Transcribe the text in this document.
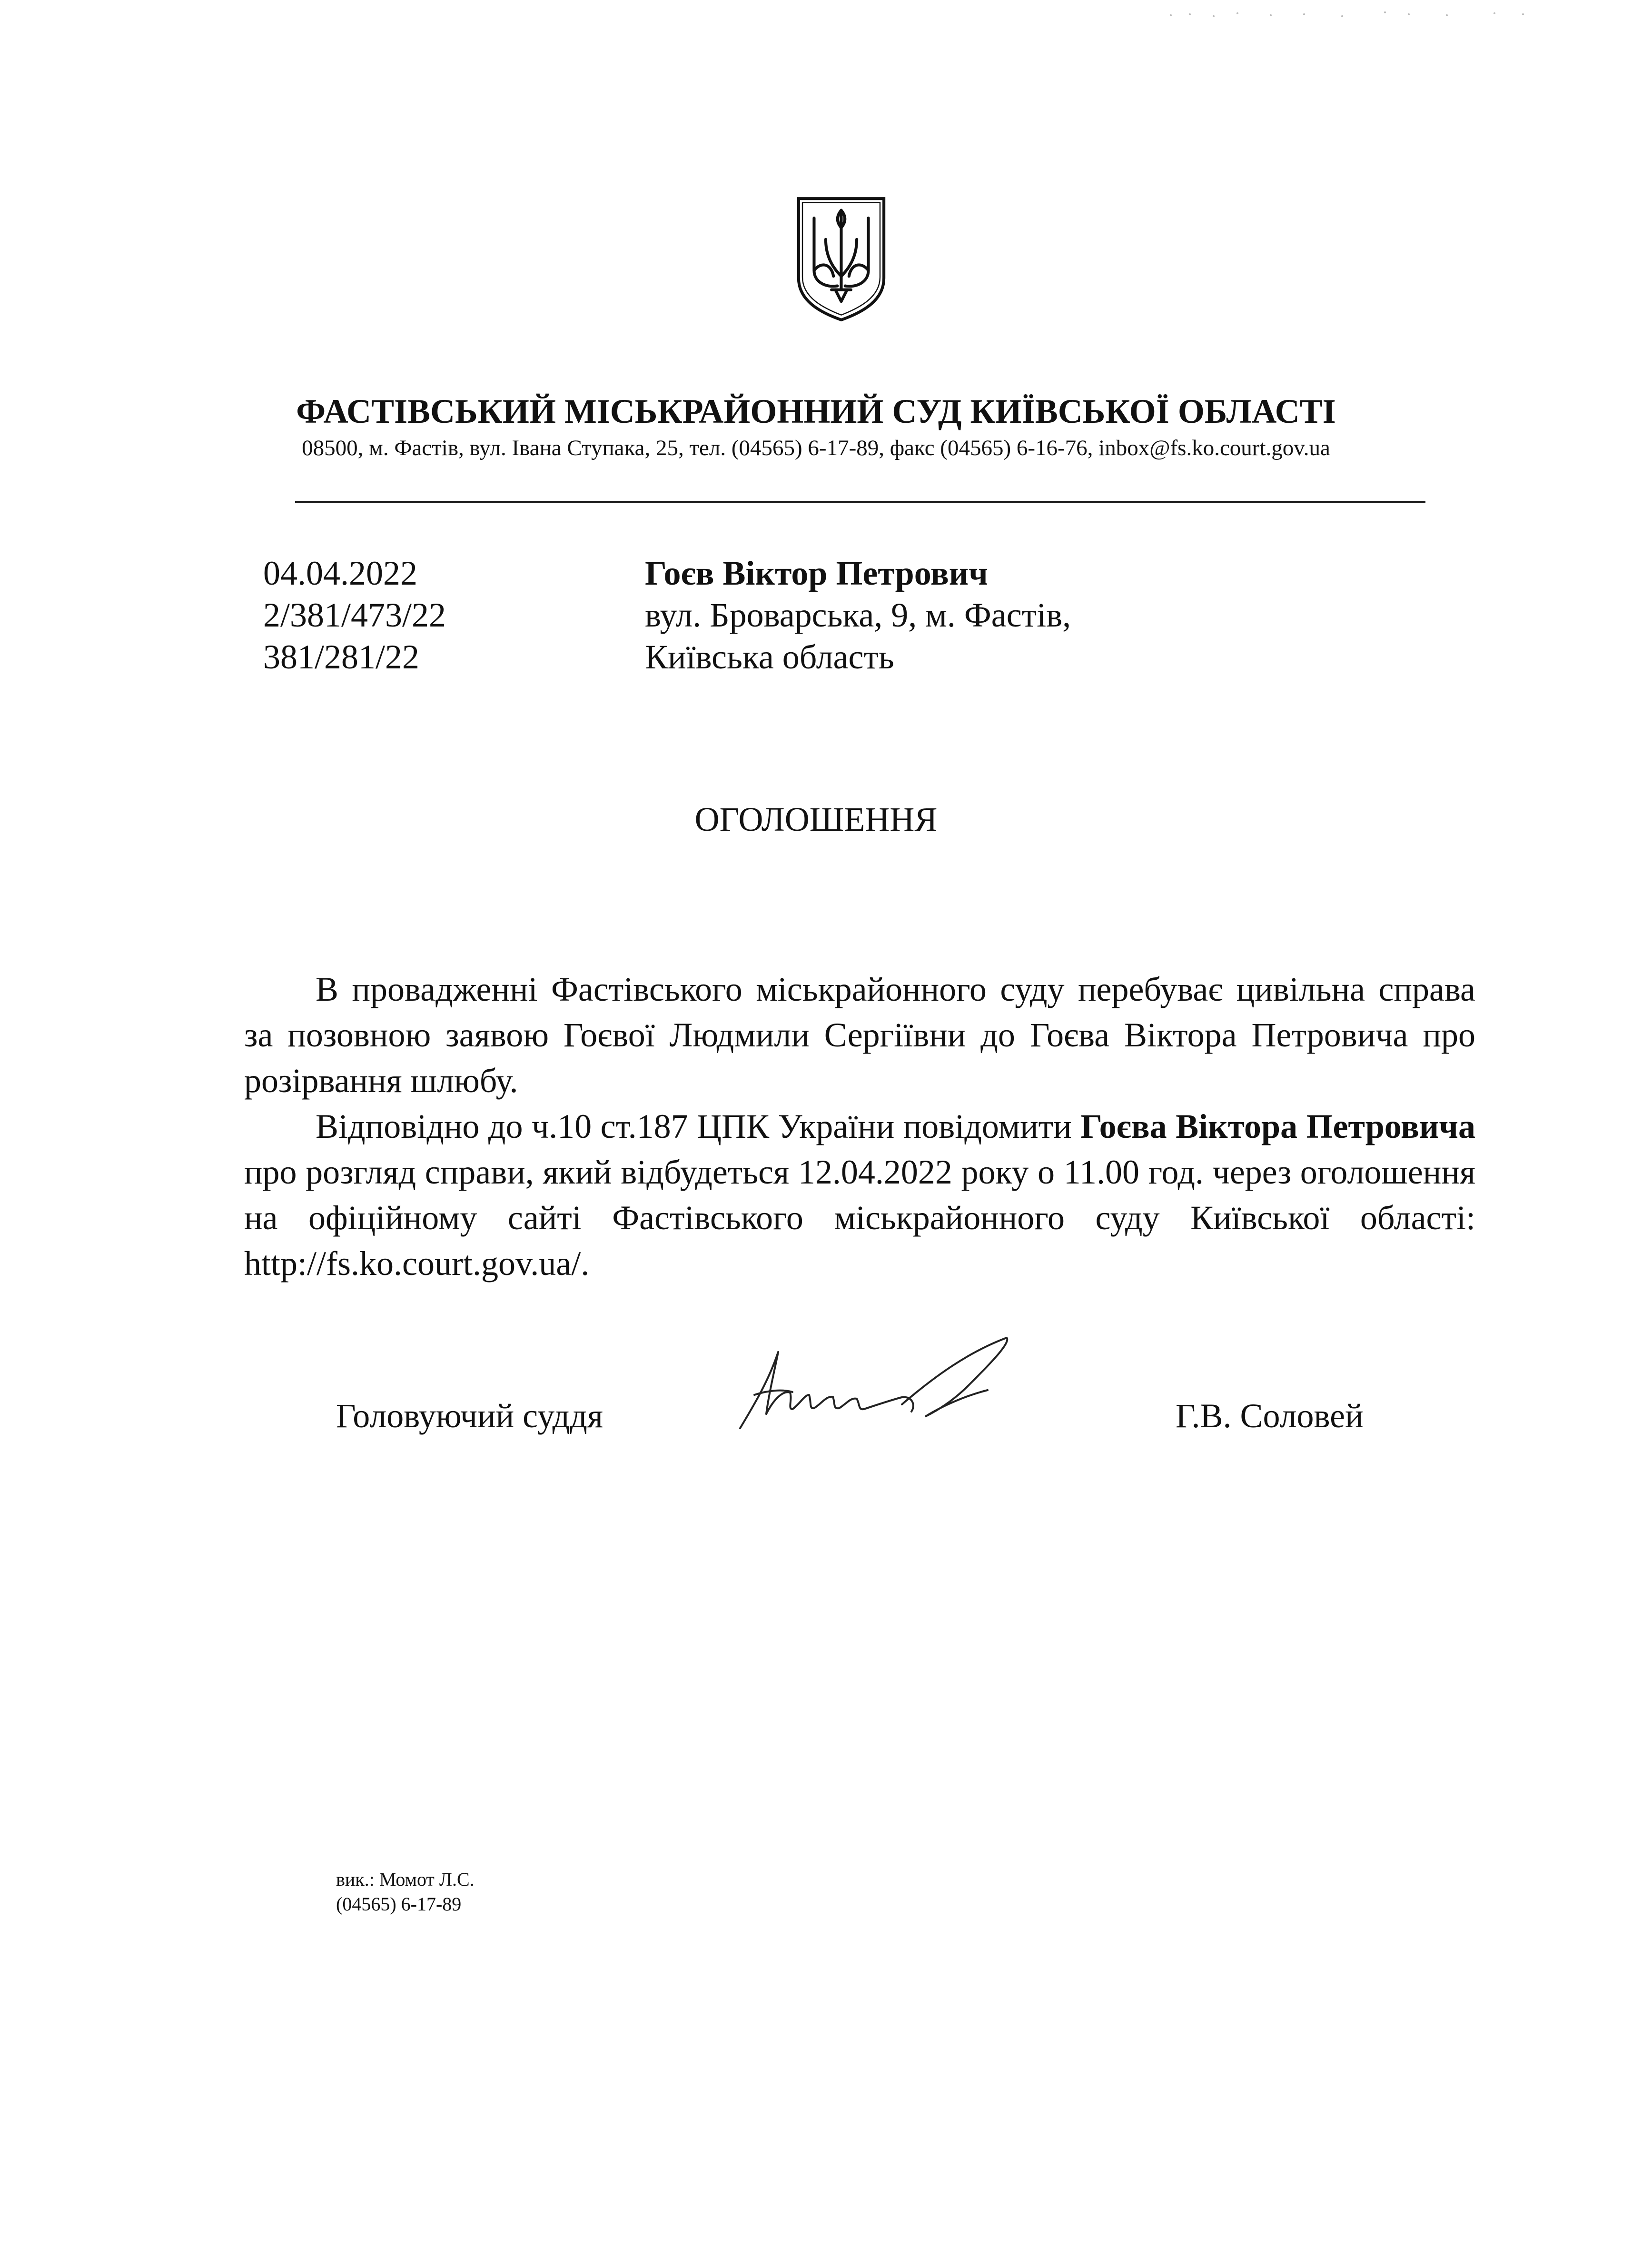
ФАСТІВСЬКИЙ МІСЬКРАЙОННИЙ СУД КИЇВСЬКОЇ ОБЛАСТІ
08500, м. Фастів, вул. Івана Ступака, 25, тел. (04565) 6-17-89, факс (04565) 6-16-76, inbox@fs.ko.court.gov.ua
04.04.2022
2/381/473/22
381/281/22
Гоєв Віктор Петрович
вул. Броварська, 9, м. Фастів,
Київська область
ОГОЛОШЕННЯ

В провадженні Фастівського міськрайонного суду перебуває цивільна справа за позовною заявою Гоєвої Людмили Сергіївни до Гоєва Віктора Петровича про розірвання шлюбу.

Відповідно до ч.10 ст.187 ЦПК України повідомити Гоєва Віктора Петровича про розгляд справи, який відбудеться 12.04.2022 року о 11.00 год. через оголошення на офіційному сайті Фастівського міськрайонного суду Київської області: http://fs.ko.court.gov.ua/.

Головуючий суддя	Г.В. Соловей
вик.: Момот Л.С.
(04565) 6-17-89
